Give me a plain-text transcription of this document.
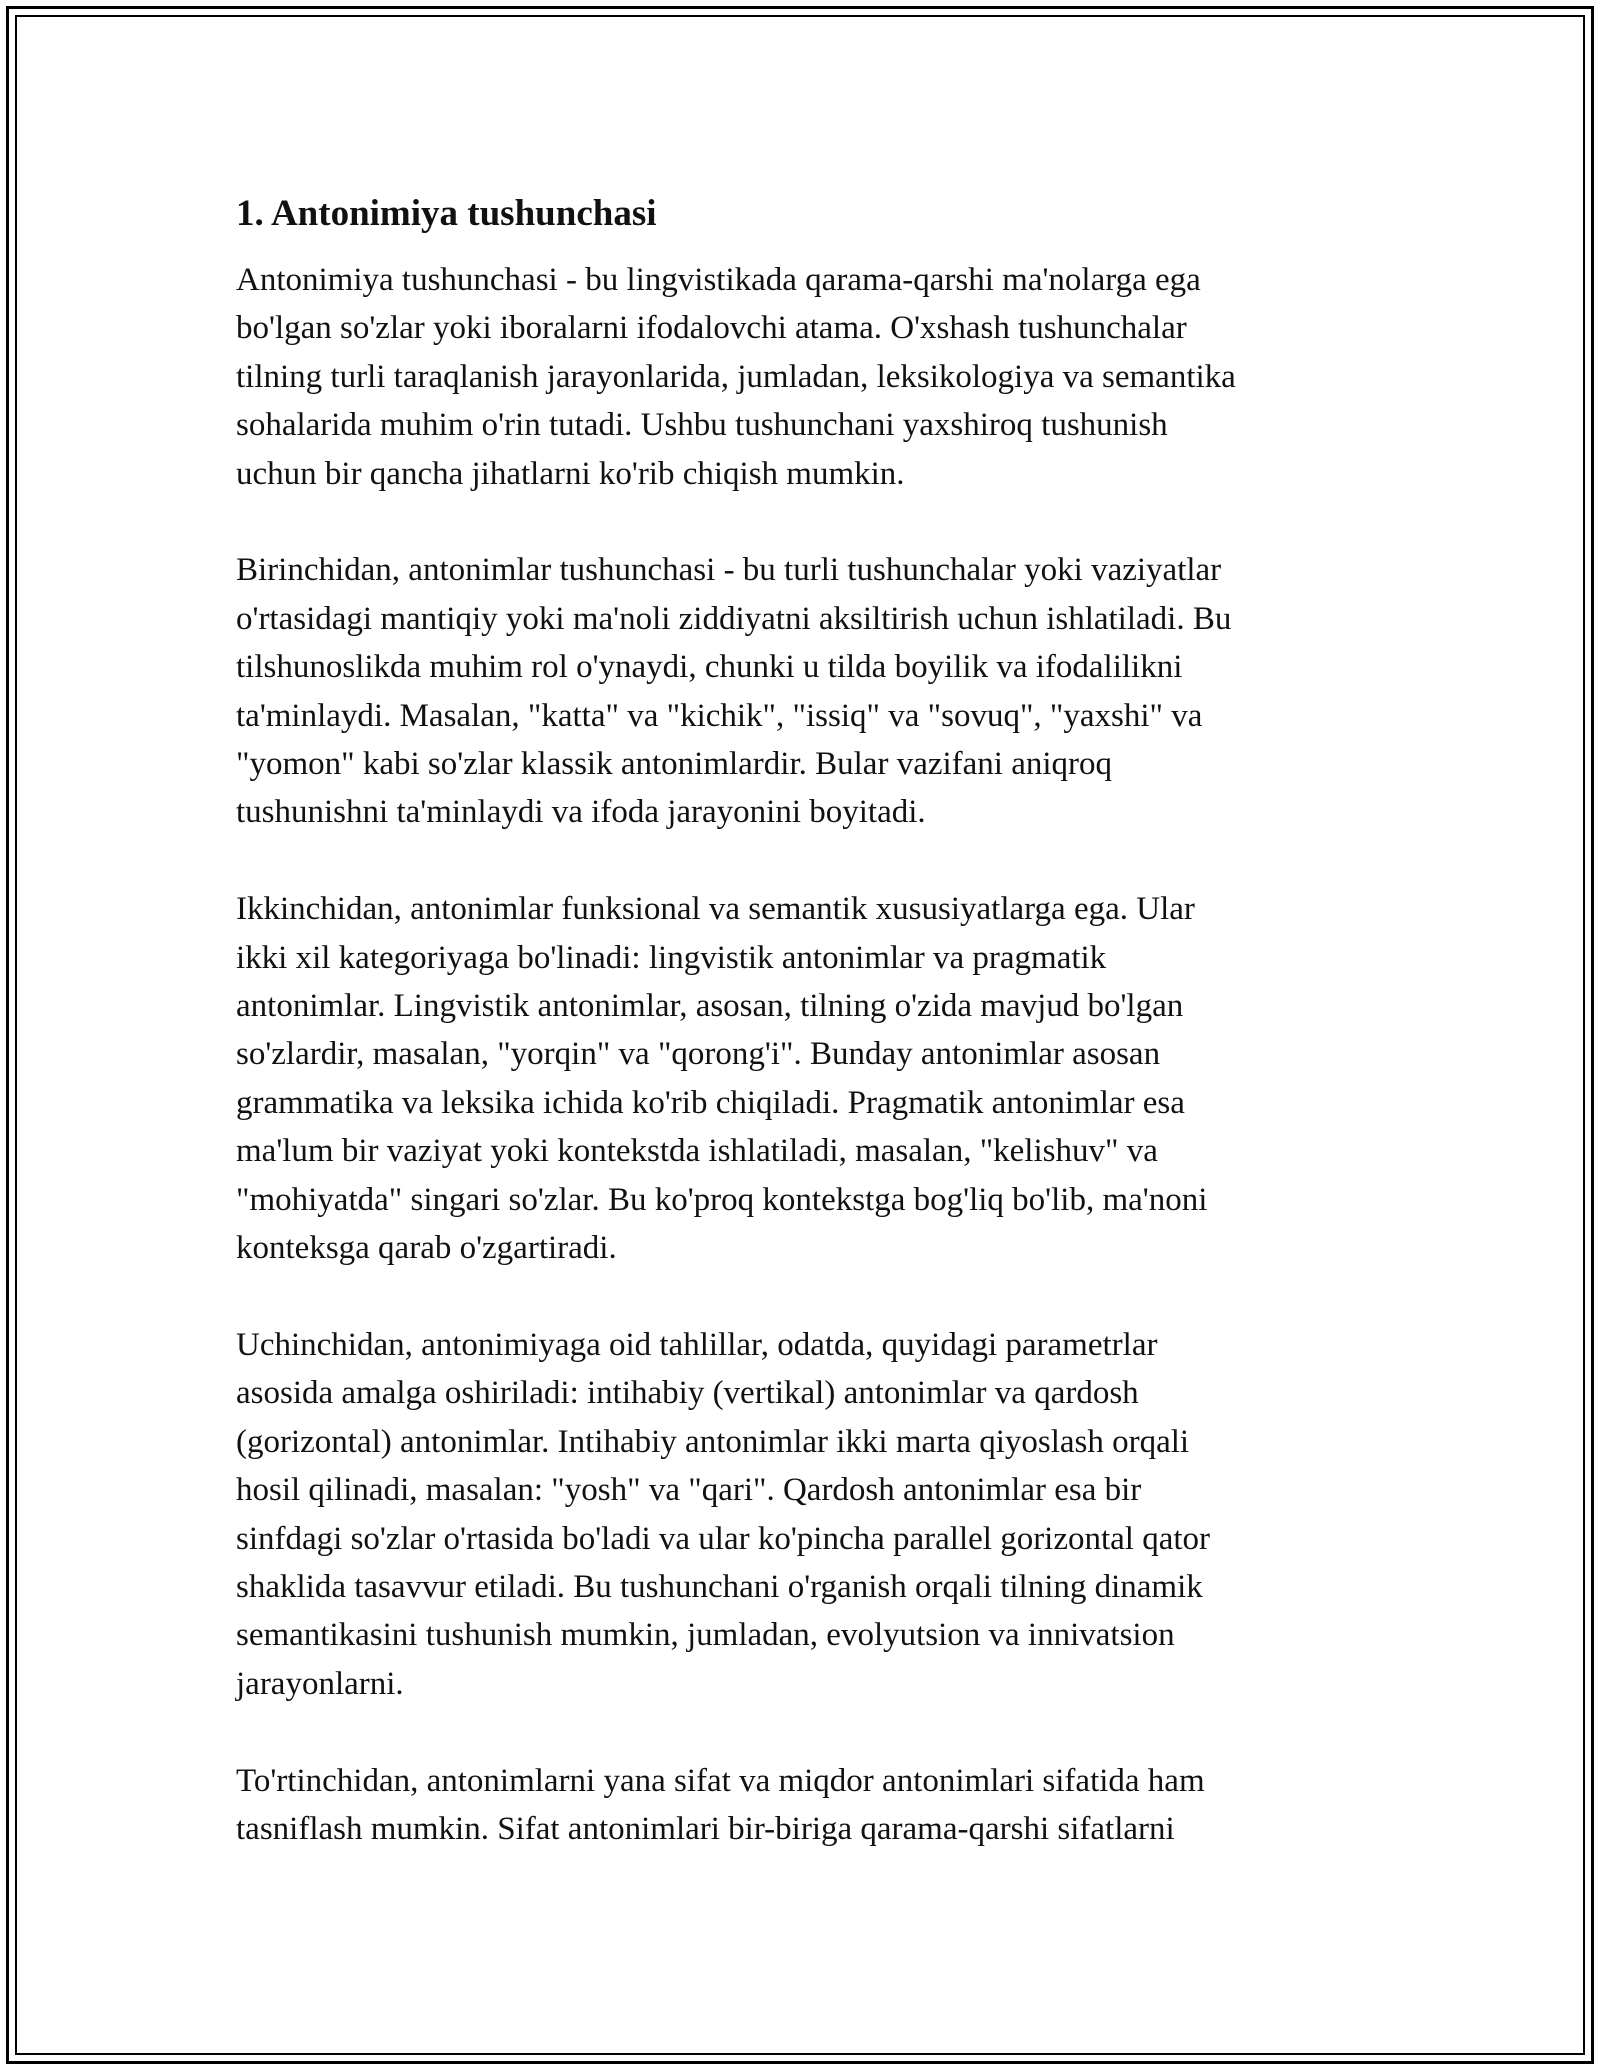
1. Antonimiya tushunchasi

Antonimiya tushunchasi - bu lingvistikada qarama-qarshi ma'nolarga ega
bo'lgan so'zlar yoki iboralarni ifodalovchi atama. O'xshash tushunchalar
tilning turli taraqlanish jarayonlarida, jumladan, leksikologiya va semantika
sohalarida muhim o'rin tutadi. Ushbu tushunchani yaxshiroq tushunish
uchun bir qancha jihatlarni ko'rib chiqish mumkin.

Birinchidan, antonimlar tushunchasi - bu turli tushunchalar yoki vaziyatlar
o'rtasidagi mantiqiy yoki ma'noli ziddiyatni aksiltirish uchun ishlatiladi. Bu
tilshunoslikda muhim rol o'ynaydi, chunki u tilda boyilik va ifodalilikni
ta'minlaydi. Masalan, "katta" va "kichik", "issiq" va "sovuq", "yaxshi" va
"yomon" kabi so'zlar klassik antonimlardir. Bular vazifani aniqroq
tushunishni ta'minlaydi va ifoda jarayonini boyitadi.

Ikkinchidan, antonimlar funksional va semantik xususiyatlarga ega. Ular
ikki xil kategoriyaga bo'linadi: lingvistik antonimlar va pragmatik
antonimlar. Lingvistik antonimlar, asosan, tilning o'zida mavjud bo'lgan
so'zlardir, masalan, "yorqin" va "qorong'i". Bunday antonimlar asosan
grammatika va leksika ichida ko'rib chiqiladi. Pragmatik antonimlar esa
ma'lum bir vaziyat yoki kontekstda ishlatiladi, masalan, "kelishuv" va
"mohiyatda" singari so'zlar. Bu ko'proq kontekstga bog'liq bo'lib, ma'noni
konteksga qarab o'zgartiradi.

Uchinchidan, antonimiyaga oid tahlillar, odatda, quyidagi parametrlar
asosida amalga oshiriladi: intihabiy (vertikal) antonimlar va qardosh
(gorizontal) antonimlar. Intihabiy antonimlar ikki marta qiyoslash orqali
hosil qilinadi, masalan: "yosh" va "qari". Qardosh antonimlar esa bir
sinfdagi so'zlar o'rtasida bo'ladi va ular ko'pincha parallel gorizontal qator
shaklida tasavvur etiladi. Bu tushunchani o'rganish orqali tilning dinamik
semantikasini tushunish mumkin, jumladan, evolyutsion va innivatsion
jarayonlarni.

To'rtinchidan, antonimlarni yana sifat va miqdor antonimlari sifatida ham
tasniflash mumkin. Sifat antonimlari bir-biriga qarama-qarshi sifatlarni
